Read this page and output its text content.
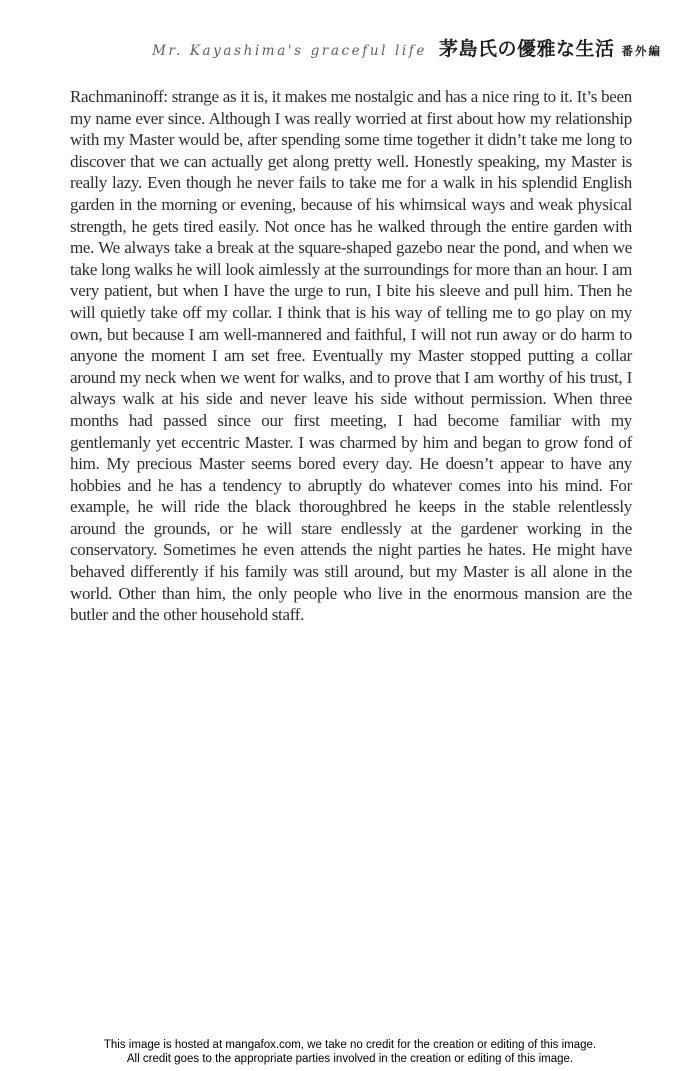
Mr. Kayashima's graceful life 茅島氏の優雅な生活 番外編

Rachmaninoff: strange as it is, it makes me nostalgic and has a nice ring to it. It’s been my name ever since. Although I was really worried at first about how my relationship with my Master would be, after spending some time together it didn’t take me long to discover that we can actually get along pretty well. Honestly speaking, my Master is really lazy. Even though he never fails to take me for a walk in his splendid English garden in the morning or evening, because of his whimsical ways and weak physical strength, he gets tired easily. Not once has he walked through the entire garden with me. We always take a break at the square-shaped gazebo near the pond, and when we take long walks he will look aimlessly at the surroundings for more than an hour. I am very patient, but when I have the urge to run, I bite his sleeve and pull him. Then he will quietly take off my collar. I think that is his way of telling me to go play on my own, but because I am well-mannered and faithful, I will not run away or do harm to anyone the moment I am set free. Eventually my Master stopped putting a collar around my neck when we went for walks, and to prove that I am worthy of his trust, I always walk at his side and never leave his side without permission. When three months had passed since our first meeting, I had become familiar with my gentlemanly yet eccentric Master. I was charmed by him and began to grow fond of him. My precious Master seems bored every day. He doesn’t appear to have any hobbies and he has a tendency to abruptly do whatever comes into his mind. For example, he will ride the black thoroughbred he keeps in the stable relentlessly around the grounds, or he will stare endlessly at the gardener working in the conservatory. Sometimes he even attends the night parties he hates. He might have behaved differently if his family was still around, but my Master is all alone in the world. Other than him, the only people who live in the enormous mansion are the butler and the other household staff.

This image is hosted at mangafox.com, we take no credit for the creation or editing of this image.
All credit goes to the appropriate parties involved in the creation or editing of this image.
